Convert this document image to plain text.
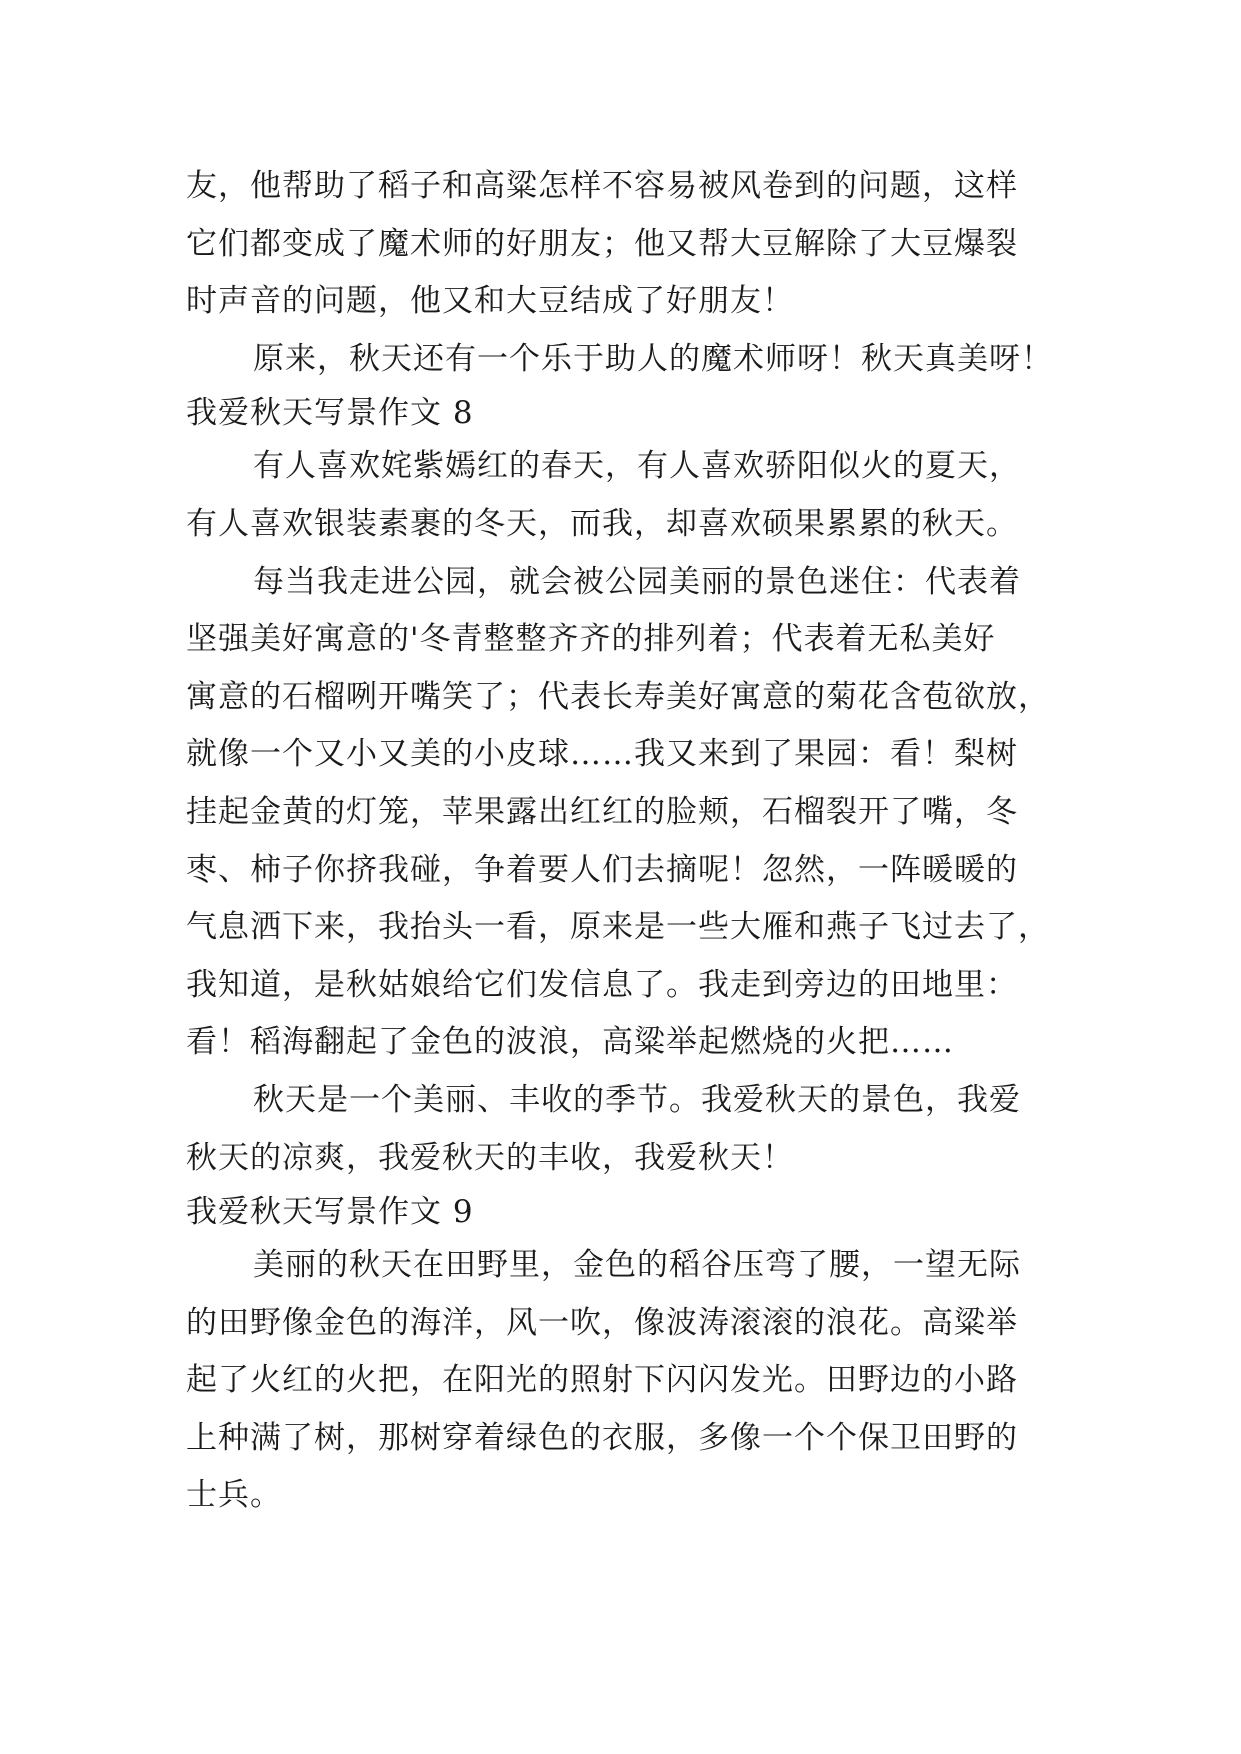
友，他帮助了稻子和高粱怎样不容易被风卷到的问题，这样
它们都变成了魔术师的好朋友；他又帮大豆解除了大豆爆裂
时声音的问题，他又和大豆结成了好朋友！
原来，秋天还有一个乐于助人的魔术师呀！秋天真美呀！
我爱秋天写景作文 8
有人喜欢姹紫嫣红的春天，有人喜欢骄阳似火的夏天，
有人喜欢银装素裹的冬天，而我，却喜欢硕果累累的秋天。
每当我走进公园，就会被公园美丽的景色迷住：代表着
坚强美好寓意的'冬青整整齐齐的排列着；代表着无私美好
寓意的石榴咧开嘴笑了；代表长寿美好寓意的菊花含苞欲放，
就像一个又小又美的小皮球……我又来到了果园：看！梨树
挂起金黄的灯笼，苹果露出红红的脸颊，石榴裂开了嘴，冬
枣、柿子你挤我碰，争着要人们去摘呢！忽然，一阵暖暖的
气息洒下来，我抬头一看，原来是一些大雁和燕子飞过去了，
我知道，是秋姑娘给它们发信息了。我走到旁边的田地里：
看！稻海翻起了金色的波浪，高粱举起燃烧的火把……
秋天是一个美丽、丰收的季节。我爱秋天的景色，我爱
秋天的凉爽，我爱秋天的丰收，我爱秋天！
我爱秋天写景作文 9
美丽的秋天在田野里，金色的稻谷压弯了腰，一望无际
的田野像金色的海洋，风一吹，像波涛滚滚的浪花。高粱举
起了火红的火把，在阳光的照射下闪闪发光。田野边的小路
上种满了树，那树穿着绿色的衣服，多像一个个保卫田野的
士兵。
